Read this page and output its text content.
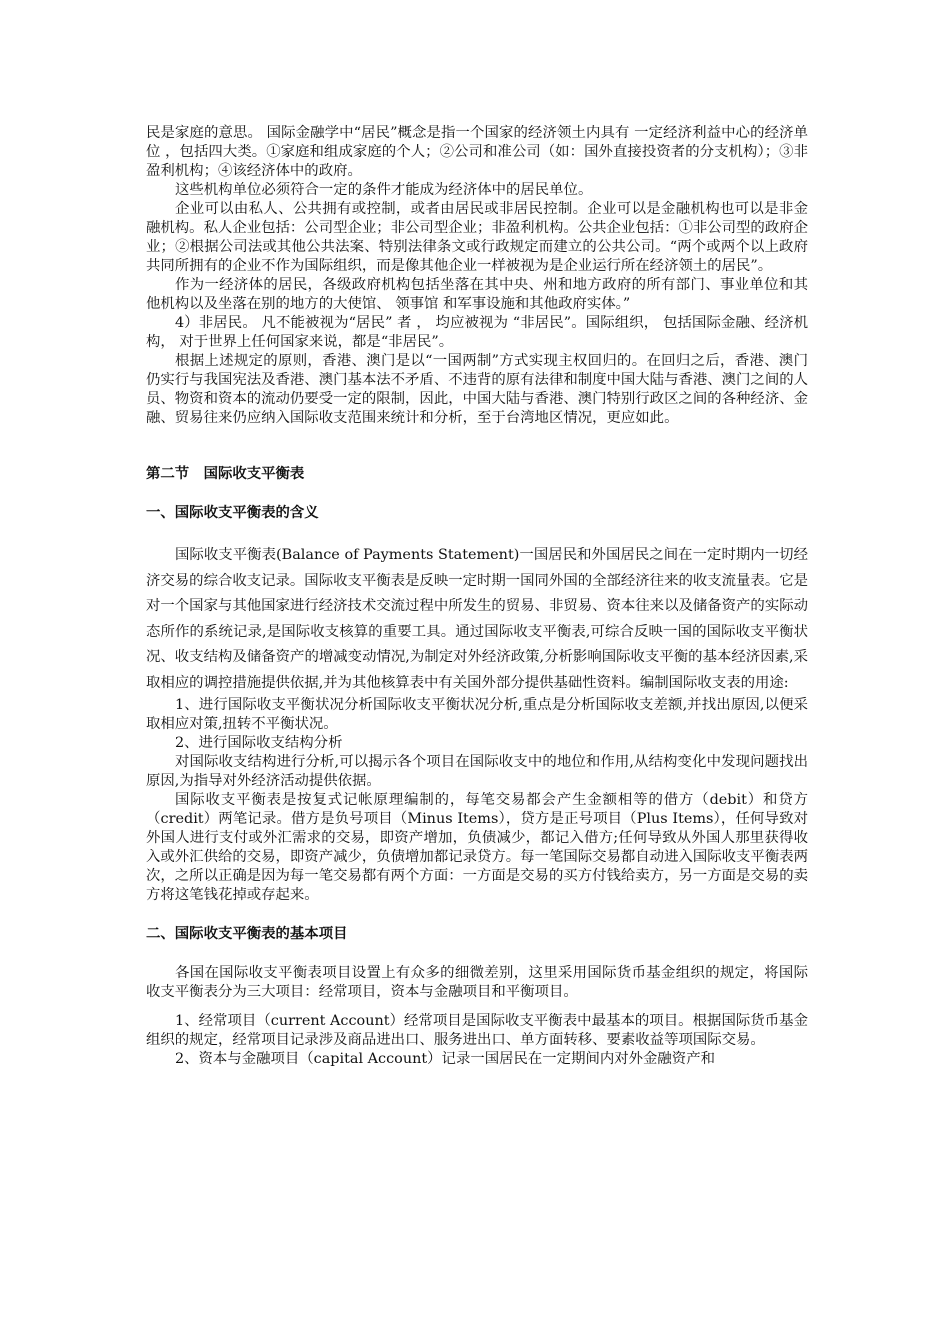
民是家庭的意思。 国际金融学中“居民”概念是指一个国家的经济领土内具有 一定经济利益中心的经济单位 ，包括四大类。①家庭和组成家庭的个人；②公司和准公司（如：国外直接投资者的分支机构）；③非盈利机构；④该经济体中的政府。

这些机构单位必须符合一定的条件才能成为经济体中的居民单位。

企业可以由私人、公共拥有或控制，或者由居民或非居民控制。企业可以是金融机构也可以是非金融机构。私人企业包括：公司型企业；非公司型企业；非盈利机构。公共企业包括：①非公司型的政府企业；②根据公司法或其他公共法案、特别法律条文或行政规定而建立的公共公司。“两个或两个以上政府共同所拥有的企业不作为国际组织，而是像其他企业一样被视为是企业运行所在经济领土的居民”。

作为一经济体的居民，各级政府机构包括坐落在其中央、州和地方政府的所有部门、事业单位和其他机构以及坐落在别的地方的大使馆、 领事馆 和军事设施和其他政府实体。”

4）非居民。 凡不能被视为“居民” 者 ， 均应被视为 “非居民”。国际组织， 包括国际金融、经济机构， 对于世界上任何国家来说，都是“非居民”。

根据上述规定的原则，香港、澳门是以“一国两制”方式实现主权回归的。在回归之后，香港、澳门仍实行与我国宪法及香港、澳门基本法不矛盾、不违背的原有法律和制度中国大陆与香港、澳门之间的人员、物资和资本的流动仍要受一定的限制，因此，中国大陆与香港、澳门特别行政区之间的各种经济、金融、贸易往来仍应纳入国际收支范围来统计和分析，至于台湾地区情况，更应如此。

第二节　国际收支平衡表

一、国际收支平衡表的含义

国际收支平衡表(Balance of Payments Statement)一国居民和外国居民之间在一定时期内一切经济交易的综合收支记录。国际收支平衡表是反映一定时期一国同外国的全部经济往来的收支流量表。它是对一个国家与其他国家进行经济技术交流过程中所发生的贸易、非贸易、资本往来以及储备资产的实际动态所作的系统记录,是国际收支核算的重要工具。通过国际收支平衡表,可综合反映一国的国际收支平衡状况、收支结构及储备资产的增减变动情况,为制定对外经济政策,分析影响国际收支平衡的基本经济因素,采取相应的调控措施提供依据,并为其他核算表中有关国外部分提供基础性资料。编制国际收支表的用途:

1、进行国际收支平衡状况分析国际收支平衡状况分析,重点是分析国际收支差额,并找出原因,以便采取相应对策,扭转不平衡状况。

2、进行国际收支结构分析

对国际收支结构进行分析,可以揭示各个项目在国际收支中的地位和作用,从结构变化中发现问题找出原因,为指导对外经济活动提供依据。

国际收支平衡表是按复式记帐原理编制的，每笔交易都会产生金额相等的借方（debit）和贷方（credit）两笔记录。借方是负号项目（Minus Items），贷方是正号项目（Plus Items），任何导致对外国人进行支付或外汇需求的交易，即资产增加，负债减少，都记入借方;任何导致从外国人那里获得收入或外汇供给的交易，即资产减少，负债增加都记录贷方。每一笔国际交易都自动进入国际收支平衡表两次，之所以正确是因为每一笔交易都有两个方面：一方面是交易的买方付钱给卖方，另一方面是交易的卖方将这笔钱花掉或存起来。

二、国际收支平衡表的基本项目

各国在国际收支平衡表项目设置上有众多的细微差别，这里采用国际货币基金组织的规定，将国际收支平衡表分为三大项目：经常项目，资本与金融项目和平衡项目。

1、经常项目（current Account）经常项目是国际收支平衡表中最基本的项目。根据国际货币基金组织的规定，经常项目记录涉及商品进出口、服务进出口、单方面转移、要素收益等项国际交易。

2、资本与金融项目（capital Account）记录一国居民在一定期间内对外金融资产和
